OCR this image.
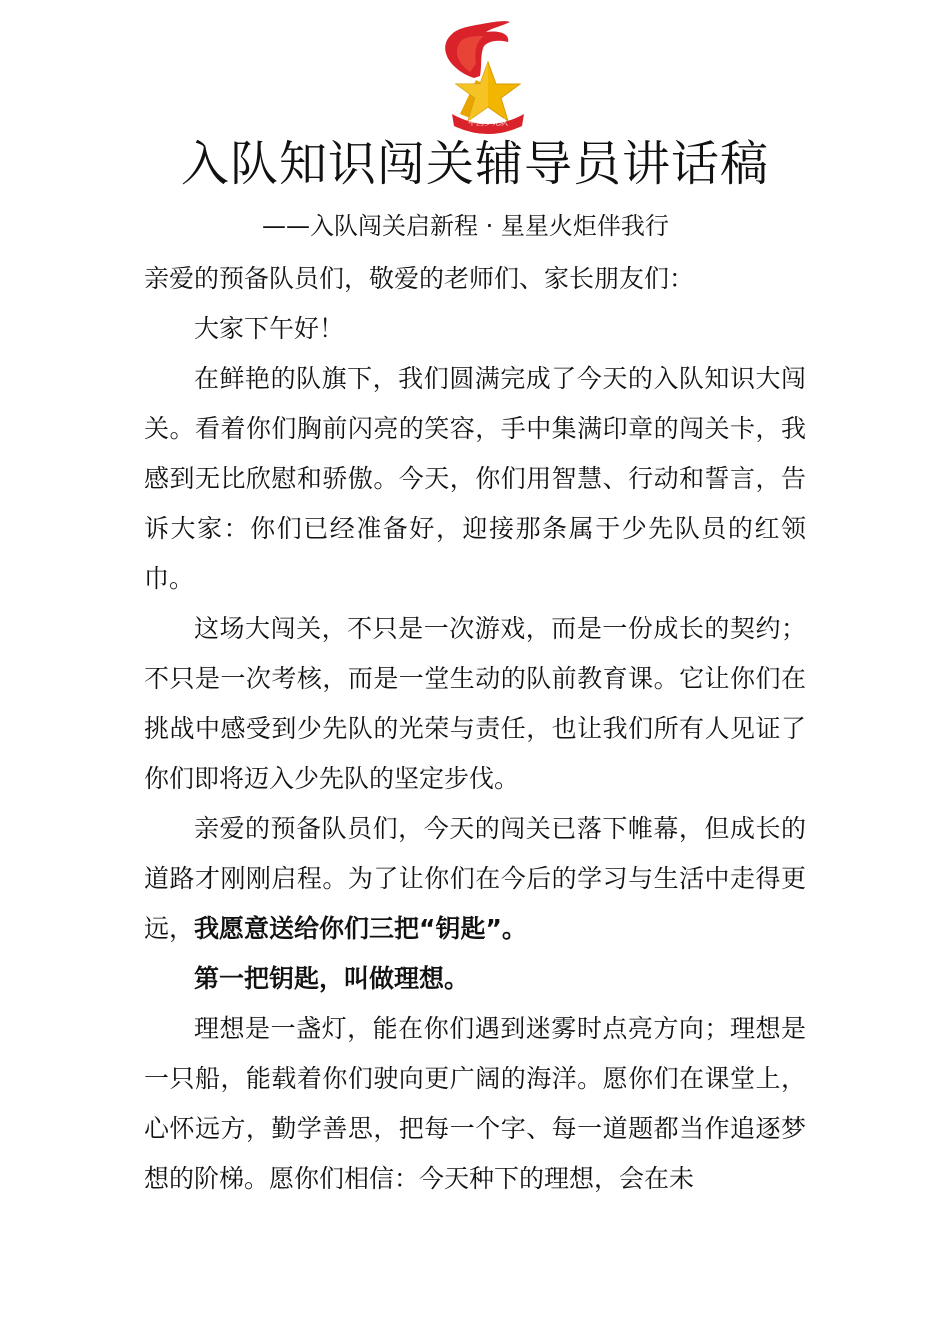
中国少先队
入队知识闯关辅导员讲话稿
——入队闯关启新程 · 星星火炬伴我行

亲爱的预备队员们，敬爱的老师们、家长朋友们：

大家下午好！

在鲜艳的队旗下，我们圆满完成了今天的入队知识大闯关。看着你们胸前闪亮的笑容，手中集满印章的闯关卡，我感到无比欣慰和骄傲。今天，你们用智慧、行动和誓言，告诉大家：你们已经准备好，迎接那条属于少先队员的红领巾。

这场大闯关，不只是一次游戏，而是一份成长的契约；不只是一次考核，而是一堂生动的队前教育课。它让你们在挑战中感受到少先队的光荣与责任，也让我们所有人见证了你们即将迈入少先队的坚定步伐。

亲爱的预备队员们，今天的闯关已落下帷幕，但成长的道路才刚刚启程。为了让你们在今后的学习与生活中走得更远，我愿意送给你们三把“钥匙”。

第一把钥匙，叫做理想。

理想是一盏灯，能在你们遇到迷雾时点亮方向；理想是一只船，能载着你们驶向更广阔的海洋。愿你们在课堂上，心怀远方，勤学善思，把每一个字、每一道题都当作追逐梦想的阶梯。愿你们相信：今天种下的理想，会在未
